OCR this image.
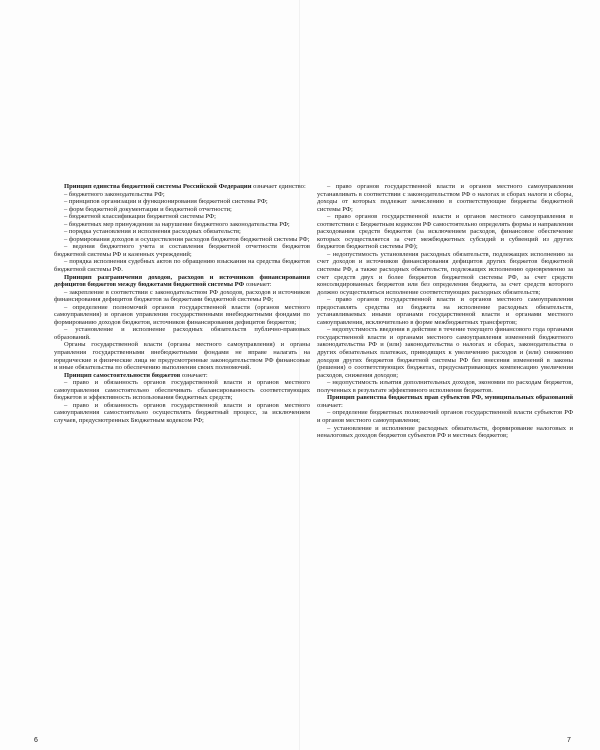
Принцип единства бюджетной системы Российской Федерации означает единство:

– бюджетного законодательства РФ;

– принципов организации и функционирования бюджетной системы РФ;

– форм бюджетной документации и бюджетной отчетности;

– бюджетной классификации бюджетной системы РФ;

– бюджетных мер принуждения за нарушение бюджетного законодательства РФ;

– порядка установления и исполнения расходных обязательств;

– формирования доходов и осуществления расходов бюджетов бюджетной системы РФ;

– ведения бюджетного учета и составления бюджетной отчетности бюджетов бюджетной системы РФ и казенных учреждений;

– порядка исполнения судебных актов по обращению взыскания на средства бюджетов бюджетной системы РФ.

Принцип разграничения доходов, расходов и источников финансирования дефицитов бюджетов между бюджетами бюджетной системы РФ означает:

– закрепление в соответствии с законодательством РФ доходов, расходов и источников финансирования дефицитов бюджетов за бюджетами бюджетной системы РФ;

– определение полномочий органов государственной власти (органов местного самоуправления) и органов управления государственными внебюджетными фондами по формированию доходов бюджетов, источников финансирования дефицитов бюджетов;

– установление и исполнение расходных обязательств публично-правовых образований.

Органы государственной власти (органы местного самоуправления) и органы управления государственными внебюджетными фондами не вправе налагать на юридические и физические лица не предусмотренные законодательством РФ финансовые и иные обязательства по обеспечению выполнения своих полномочий.

Принцип самостоятельности бюджетов означает:

– право и обязанность органов государственной власти и органов местного самоуправления самостоятельно обеспечивать сбалансированность соответствующих бюджетов и эффективность использования бюджетных средств;

– право и обязанность органов государственной власти и органов местного самоуправления самостоятельно осуществлять бюджетный процесс, за исключением случаев, предусмотренных Бюджетным кодексом РФ;

– право органов государственной власти и органов местного самоуправления устанавливать в соответствии с законодательством РФ о налогах и сборах налоги и сборы, доходы от которых подлежат зачислению в соответствующие бюджеты бюджетной системы РФ;

– право органов государственной власти и органов местного самоуправления в соответствии с Бюджетным кодексом РФ самостоятельно определять формы и направления расходования средств бюджетов (за исключением расходов, финансовое обеспечение которых осуществляется за счет межбюджетных субсидий и субвенций из других бюджетов бюджетной системы РФ);

– недопустимость установления расходных обязательств, подлежащих исполнению за счет доходов и источников финансирования дефицитов других бюджетов бюджетной системы РФ, а также расходных обязательств, подлежащих исполнению одновременно за счет средств двух и более бюджетов бюджетной системы РФ, за счет средств консолидированных бюджетов или без определения бюджета, за счет средств которого должно осуществляться исполнение соответствующих расходных обязательств;

– право органов государственной власти и органов местного самоуправления предоставлять средства из бюджета на исполнение расходных обязательств, устанавливаемых иными органами государственной власти и органами местного самоуправления, исключительно в форме межбюджетных трансфертов;

– недопустимость введения в действие в течение текущего финансового года органами государственной власти и органами местного самоуправления изменений бюджетного законодательства РФ и (или) законодательства о налогах и сборах, законодательства о других обязательных платежах, приводящих к увеличению расходов и (или) снижению доходов других бюджетов бюджетной системы РФ без внесения изменений в законы (решения) о соответствующих бюджетах, предусматривающих компенсацию увеличения расходов, снижения доходов;

– недопустимость изъятия дополнительных доходов, экономии по расходам бюджетов, полученных в результате эффективного исполнения бюджетов.

Принцип равенства бюджетных прав субъектов РФ, муниципальных образований означает:

– определение бюджетных полномочий органов государственной власти субъектов РФ и органов местного самоуправления;

– установление и исполнение расходных обязательств, формирование налоговых и неналоговых доходов бюджетов субъектов РФ и местных бюджетов;

6	7
